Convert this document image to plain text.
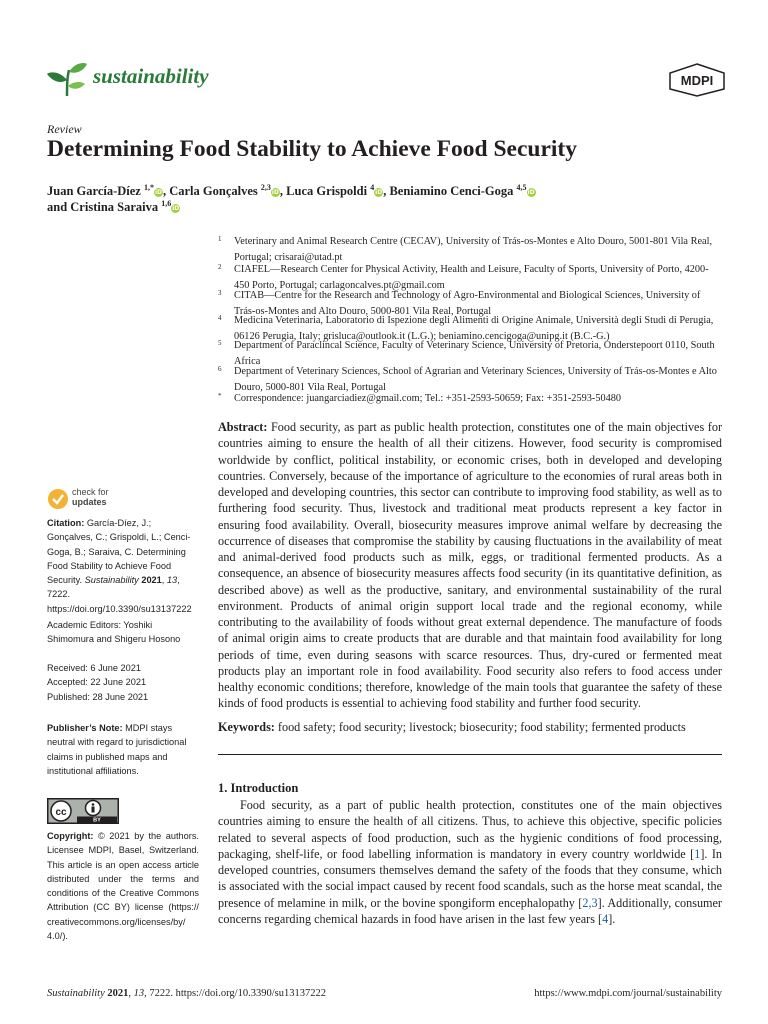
sustainability	MDPI
Review
Determining Food Stability to Achieve Food Security
Juan García-Díez $^{1,*}$iD, Carla Gonçalves $^{2,3}$iD, Luca Grispoldi $^4$iD, Beniamino Cenci-Goga $^{4,5}$iD
and Cristina Saraiva $^{1,6}$iD
1 Veterinary and Animal Research Centre (CECAV), University of Trás-os-Montes e Alto Douro, 5001-801 Vila Real, Portugal; crisarai@utad.pt
2 CIAFEL—Research Center for Physical Activity, Health and Leisure, Faculty of Sports, University of Porto, 4200-450 Porto, Portugal; carlagoncalves.pt@gmail.com
3 CITAB—Centre for the Research and Technology of Agro-Environmental and Biological Sciences, University of Trás-os-Montes and Alto Douro, 5000-801 Vila Real, Portugal
4 Medicina Veterinaria, Laboratorio di Ispezione degli Alimenti di Origine Animale, Università degli Studi di Perugia, 06126 Perugia, Italy; grisluca@outlook.it (L.G.); beniamino.cencigoga@unipg.it (B.C.-G.)
5 Department of Paraclincal Science, Faculty of Veterinary Science, University of Pretoria, Onderstepoort 0110, South Africa
6 Department of Veterinary Sciences, School of Agrarian and Veterinary Sciences, University of Trás-os-Montes e Alto Douro, 5000-801 Vila Real, Portugal
* Correspondence: juangarciadiez@gmail.com; Tel.: +351-2593-50659; Fax: +351-2593-50480
Abstract: Food security, as part as public health protection, constitutes one of the main objectives for countries aiming to ensure the health of all their citizens. However, food security is compromised worldwide by conflict, political instability, or economic crises, both in developed and developing countries. Conversely, because of the importance of agriculture to the economies of rural areas both in developed and developing countries, this sector can contribute to improving food stability, as well as to furthering food security. Thus, livestock and traditional meat products represent a key factor in ensuring food availability. Overall, biosecurity measures improve animal welfare by decreasing the occurrence of diseases that compromise the stability by causing fluctuations in the availability of meat and animal-derived food products such as milk, eggs, or traditional fermented products. As a consequence, an absence of biosecurity measures affects food security (in its quantitative definition, as described above) as well as the productive, sanitary, and environmental sustainability of the rural environment. Products of animal origin support local trade and the regional economy, while contributing to the availability of foods without great external dependence. The manufacture of foods of animal origin aims to create products that are durable and that maintain food availability for long periods of time, even during seasons with scarce resources. Thus, dry-cured or fermented meat products play an important role in food availability. Food security also refers to food access under healthy economic conditions; therefore, knowledge of the main tools that guarantee the safety of these kinds of food products is essential to achieving food stability and further food security.
Keywords: food safety; food security; livestock; biosecurity; food stability; fermented products
check for
updates
Citation: García-Díez, J.; Gonçalves, C.; Grispoldi, L.; Cenci-Goga, B.; Saraiva, C. Determining Food Stability to Achieve Food Security. Sustainability 2021, 13, 7222. https://doi.org/10.3390/su13137222
Academic Editors: Yoshiki Shimomura and Shigeru Hosono
Received: 6 June 2021
Accepted: 22 June 2021
Published: 28 June 2021
Publisher’s Note: MDPI stays neutral with regard to jurisdictional claims in published maps and institutional affiliations.
cc
BY
Copyright: © 2021 by the authors. Licensee MDPI, Basel, Switzerland. This article is an open access article distributed under the terms and conditions of the Creative Commons Attribution (CC BY) license (https:// creativecommons.org/licenses/by/ 4.0/).
1. Introduction
Food security, as a part of public health protection, constitutes one of the main objectives countries aiming to ensure the health of all citizens. Thus, to achieve this objective, specific policies related to several aspects of food production, such as the hygienic conditions of food processing, packaging, shelf-life, or food labelling information is mandatory in every country worldwide [1]. In developed countries, consumers themselves demand the safety of the foods that they consume, which is associated with the social impact caused by recent food scandals, such as the horse meat scandal, the presence of melamine in milk, or the bovine spongiform encephalopathy [2,3]. Additionally, consumer concerns regarding chemical hazards in food have arisen in the last few years [4].
Sustainability 2021, 13, 7222. https://doi.org/10.3390/su13137222	https://www.mdpi.com/journal/sustainability
